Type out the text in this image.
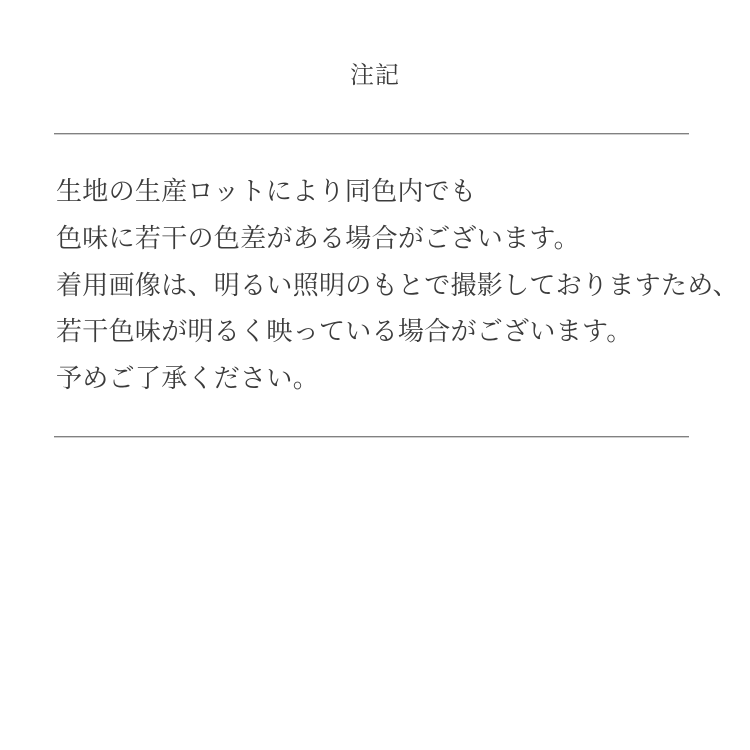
注記

生地の生産ロットにより同色内でも

色味に若干の色差がある場合がございます。

着用画像は、明るい照明のもとで撮影しておりますため、

若干色味が明るく映っている場合がございます。

予めご了承ください。
